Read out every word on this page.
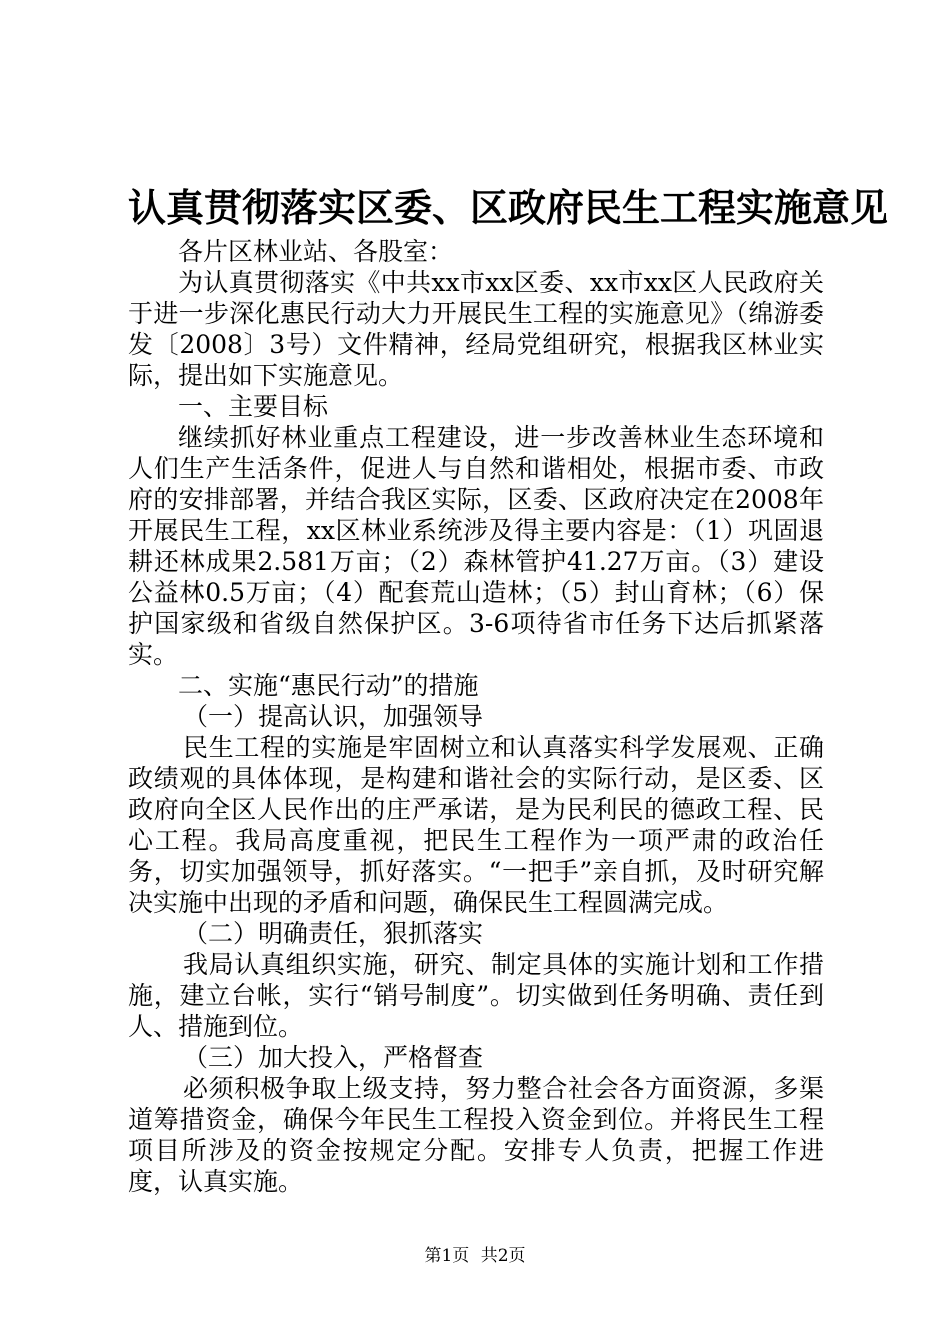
认真贯彻落实区委、区政府民生工程实施意见

各片区林业站、各股室：

为认真贯彻落实《中共xx市xx区委、xx市xx区人民政府关于进一步深化惠民行动大力开展民生工程的实施意见》（绵游委发〔2008〕3号）文件精神，经局党组研究，根据我区林业实际，提出如下实施意见。

一、主要目标

继续抓好林业重点工程建设，进一步改善林业生态环境和人们生产生活条件，促进人与自然和谐相处，根据市委、市政府的安排部署，并结合我区实际，区委、区政府决定在2008年开展民生工程，xx区林业系统涉及得主要内容是：（1）巩固退耕还林成果2.581万亩；（2）森林管护41.27万亩。（3）建设公益林0.5万亩；（4）配套荒山造林；（5）封山育林；（6）保护国家级和省级自然保护区。3-6项待省市任务下达后抓紧落实。

二、实施“惠民行动”的措施

（一）提高认识，加强领导

民生工程的实施是牢固树立和认真落实科学发展观、正确政绩观的具体体现，是构建和谐社会的实际行动，是区委、区政府向全区人民作出的庄严承诺，是为民利民的德政工程、民心工程。我局高度重视，把民生工程作为一项严肃的政治任务，切实加强领导，抓好落实。“一把手”亲自抓，及时研究解决实施中出现的矛盾和问题，确保民生工程圆满完成。

（二）明确责任，狠抓落实

我局认真组织实施，研究、制定具体的实施计划和工作措施，建立台帐，实行“销号制度”。切实做到任务明确、责任到人、措施到位。

（三）加大投入，严格督查

必须积极争取上级支持，努力整合社会各方面资源，多渠道筹措资金，确保今年民生工程投入资金到位。并将民生工程项目所涉及的资金按规定分配。安排专人负责，把握工作进度，认真实施。

第1页 共2页
